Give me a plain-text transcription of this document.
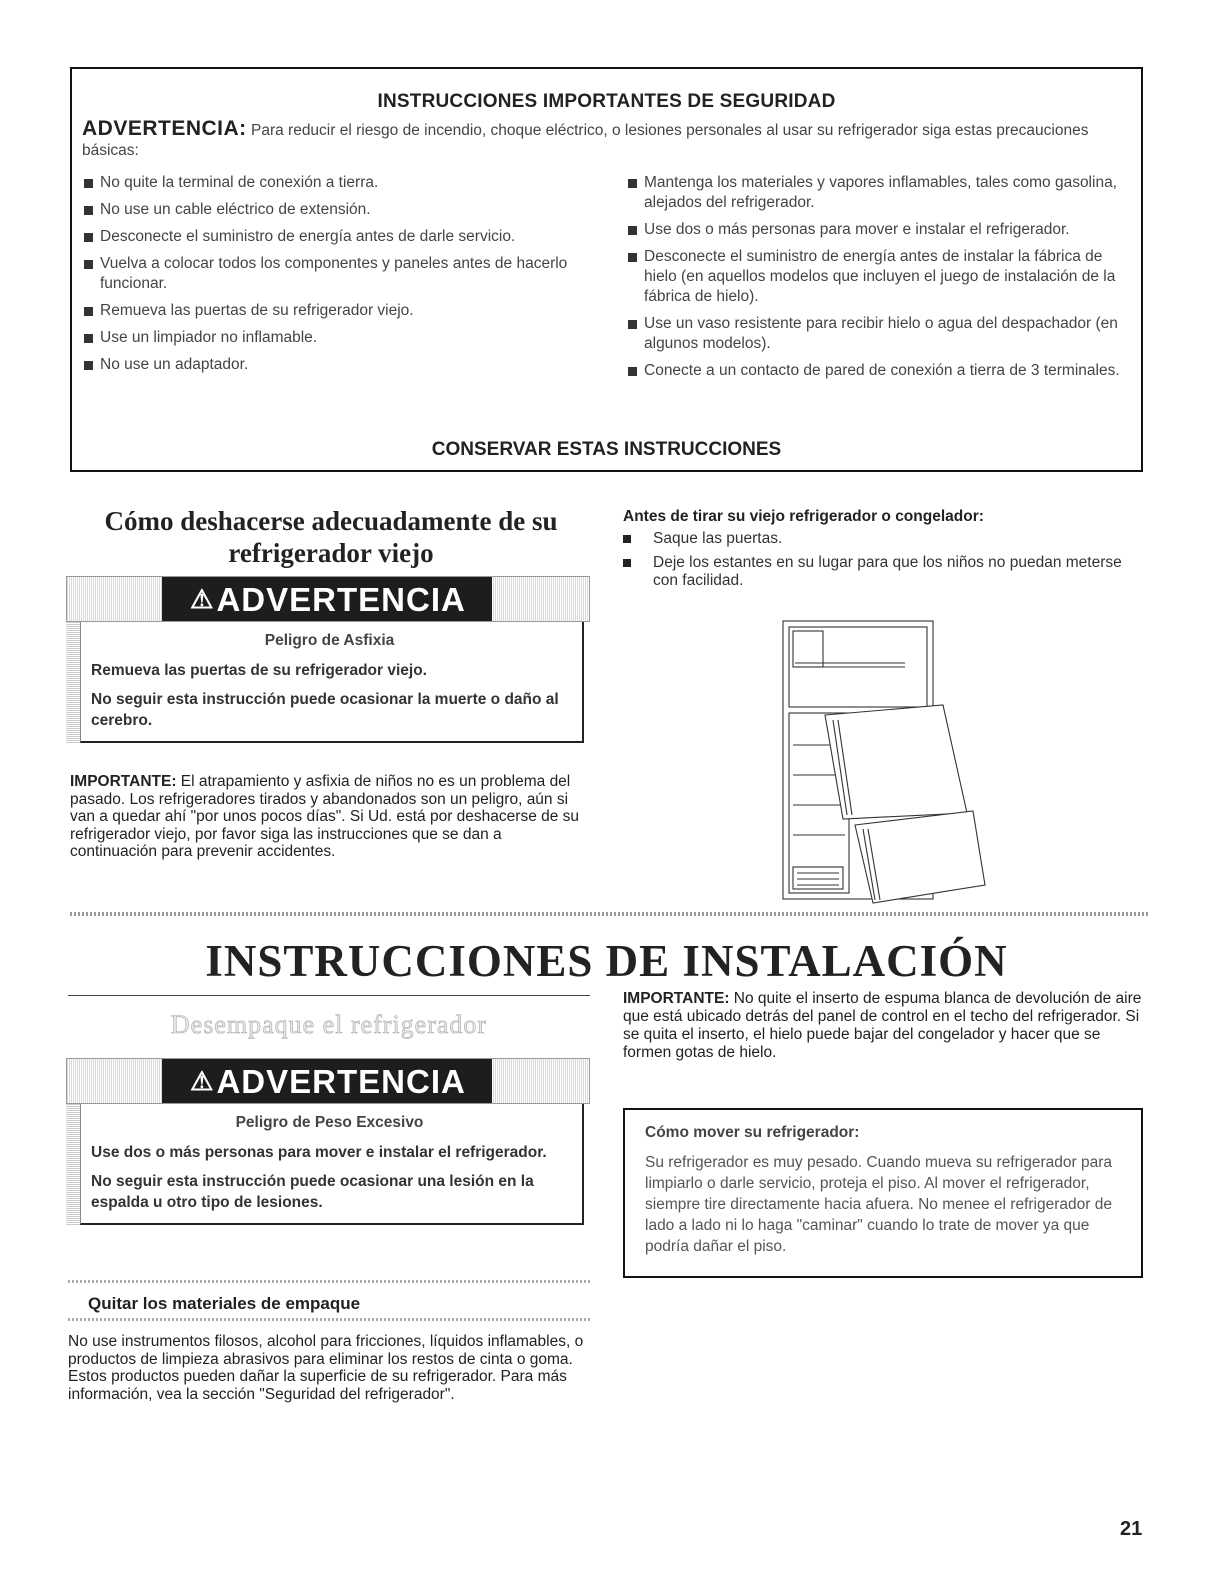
INSTRUCCIONES IMPORTANTES DE SEGURIDAD
ADVERTENCIA: Para reducir el riesgo de incendio, choque eléctrico, o lesiones personales al usar su refrigerador siga estas precauciones básicas:
No quite la terminal de conexión a tierra.
No use un cable eléctrico de extensión.
Desconecte el suministro de energía antes de darle servicio.
Vuelva a colocar todos los componentes y paneles antes de hacerlo funcionar.
Remueva las puertas de su refrigerador viejo.
Use un limpiador no inflamable.
No use un adaptador.
Mantenga los materiales y vapores inflamables, tales como gasolina, alejados del refrigerador.
Use dos o más personas para mover e instalar el refrigerador.
Desconecte el suministro de energía antes de instalar la fábrica de hielo (en aquellos modelos que incluyen el juego de instalación de la fábrica de hielo).
Use un vaso resistente para recibir hielo o agua del despachador (en algunos modelos).
Conecte a un contacto de pared de conexión a tierra de 3 terminales.
CONSERVAR ESTAS INSTRUCCIONES
Cómo deshacerse adecuadamente de su refrigerador viejo
⚠ADVERTENCIA
Peligro de Asfixia

Remueva las puertas de su refrigerador viejo.

No seguir esta instrucción puede ocasionar la muerte o daño al cerebro.

IMPORTANTE: El atrapamiento y asfixia de niños no es un problema del pasado. Los refrigeradores tirados y abandonados son un peligro, aún si van a quedar ahí "por unos pocos días". Si Ud. está por deshacerse de su refrigerador viejo, por favor siga las instrucciones que se dan a continuación para prevenir accidentes.
Antes de tirar su viejo refrigerador o congelador:
Saque las puertas.
Deje los estantes en su lugar para que los niños no puedan meterse con facilidad.
INSTRUCCIONES DE INSTALACIÓN
Desempaque el refrigerador
⚠ADVERTENCIA
Peligro de Peso Excesivo

Use dos o más personas para mover e instalar el refrigerador.

No seguir esta instrucción puede ocasionar una lesión en la espalda u otro tipo de lesiones.

IMPORTANTE: No quite el inserto de espuma blanca de devolución de aire que está ubicado detrás del panel de control en el techo del refrigerador. Si se quita el inserto, el hielo puede bajar del congelador y hacer que se formen gotas de hielo.
Cómo mover su refrigerador:
Su refrigerador es muy pesado. Cuando mueva su refrigerador para limpiarlo o darle servicio, proteja el piso. Al mover el refrigerador, siempre tire directamente hacia afuera. No menee el refrigerador de lado a lado ni lo haga "caminar" cuando lo trate de mover ya que podría dañar el piso.
Quitar los materiales de empaque
No use instrumentos filosos, alcohol para fricciones, líquidos inflamables, o productos de limpieza abrasivos para eliminar los restos de cinta o goma. Estos productos pueden dañar la superficie de su refrigerador. Para más información, vea la sección "Seguridad del refrigerador".
21
